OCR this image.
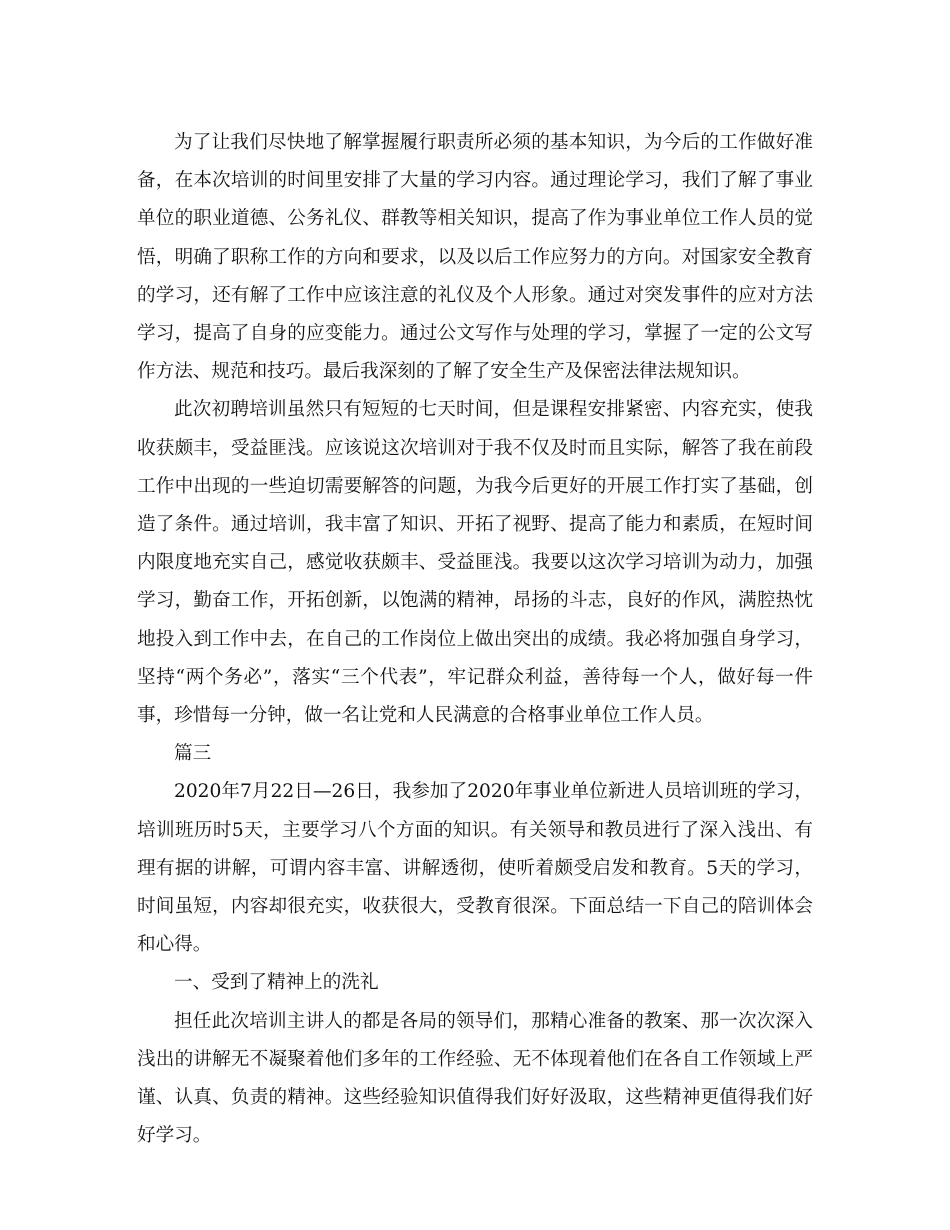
为了让我们尽快地了解掌握履行职责所必须的基本知识，为今后的工作做好准备，在本次培训的时间里安排了大量的学习内容。通过理论学习，我们了解了事业单位的职业道德、公务礼仪、群教等相关知识，提高了作为事业单位工作人员的觉悟，明确了职称工作的方向和要求，以及以后工作应努力的方向。对国家安全教育的学习，还有解了工作中应该注意的礼仪及个人形象。通过对突发事件的应对方法学习，提高了自身的应变能力。通过公文写作与处理的学习，掌握了一定的公文写作方法、规范和技巧。最后我深刻的了解了安全生产及保密法律法规知识。

此次初聘培训虽然只有短短的七天时间，但是课程安排紧密、内容充实，使我收获颇丰，受益匪浅。应该说这次培训对于我不仅及时而且实际，解答了我在前段工作中出现的一些迫切需要解答的问题，为我今后更好的开展工作打实了基础，创造了条件。通过培训，我丰富了知识、开拓了视野、提高了能力和素质，在短时间内限度地充实自己，感觉收获颇丰、受益匪浅。我要以这次学习培训为动力，加强学习，勤奋工作，开拓创新，以饱满的精神，昂扬的斗志，良好的作风，满腔热忱地投入到工作中去，在自己的工作岗位上做出突出的成绩。我必将加强自身学习，坚持“两个务必”，落实“三个代表”，牢记群众利益，善待每一个人，做好每一件事，珍惜每一分钟，做一名让党和人民满意的合格事业单位工作人员。

篇三

2020年7月22日—26日，我参加了2020年事业单位新进人员培训班的学习，培训班历时5天，主要学习八个方面的知识。有关领导和教员进行了深入浅出、有理有据的讲解，可谓内容丰富、讲解透彻，使听着颇受启发和教育。5天的学习，时间虽短，内容却很充实，收获很大，受教育很深。下面总结一下自己的陪训体会和心得。

一、受到了精神上的洗礼

担任此次培训主讲人的都是各局的领导们，那精心准备的教案、那一次次深入浅出的讲解无不凝聚着他们多年的工作经验、无不体现着他们在各自工作领域上严谨、认真、负责的精神。这些经验知识值得我们好好汲取，这些精神更值得我们好好学习。
